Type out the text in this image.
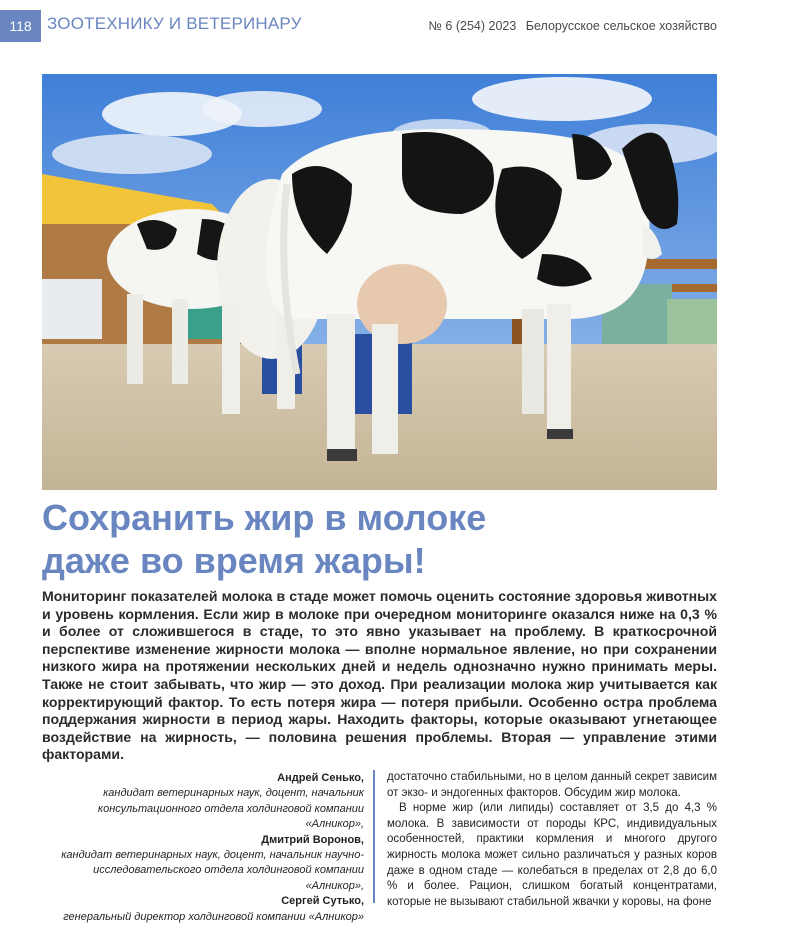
118 ЗООТЕХНИКУ И ВЕТЕРИНАРУ	№ 6 (254) 2023 Белорусское сельское хозяйство
Сохранить жир в молоке
даже во время жары!

Мониторинг показателей молока в стаде может помочь оценить состояние здоровья животных и уровень кормления. Если жир в молоке при очередном мониторинге оказался ниже на 0,3 % и более от сложившегося в стаде, то это явно указывает на проблему. В краткосрочной перспективе изменение жирности молока — вполне нормальное явление, но при сохранении низкого жира на протяжении нескольких дней и недель однозначно нужно принимать меры. Также не стоит забывать, что жир — это доход. При реализации молока жир учитывается как корректирующий фактор. То есть потеря жира — потеря прибыли. Особенно остра проблема поддержания жирности в период жары. Находить факторы, которые оказывают угнетающее воздействие на жирность, — половина решения проблемы. Вторая — управление этими факторами.

Андрей Сенько,
кандидат ветеринарных наук, доцент, начальник консультационного отдела холдинговой компании «Алникор»,
Дмитрий Воронов,
кандидат ветеринарных наук, доцент, начальник научно-исследовательского отдела холдинговой компании «Алникор»,
Сергей Сутько,
генеральный директор холдинговой компании «Алникор»

достаточно стабильными, но в целом данный секрет зависим от экзо- и эндогенных факторов. Обсудим жир молока.

В норме жир (или липиды) составляет от 3,5 до 4,3 % молока. В зависимости от породы КРС, индивидуальных особенностей, практики кормления и многого другого жирность молока может сильно различаться у разных коров даже в одном стаде — колебаться в пределах от 2,8 до 6,0 % и более. Рацион, слишком богатый концентратами, которые не вызывают стабильной жвачки у коровы, на фоне
